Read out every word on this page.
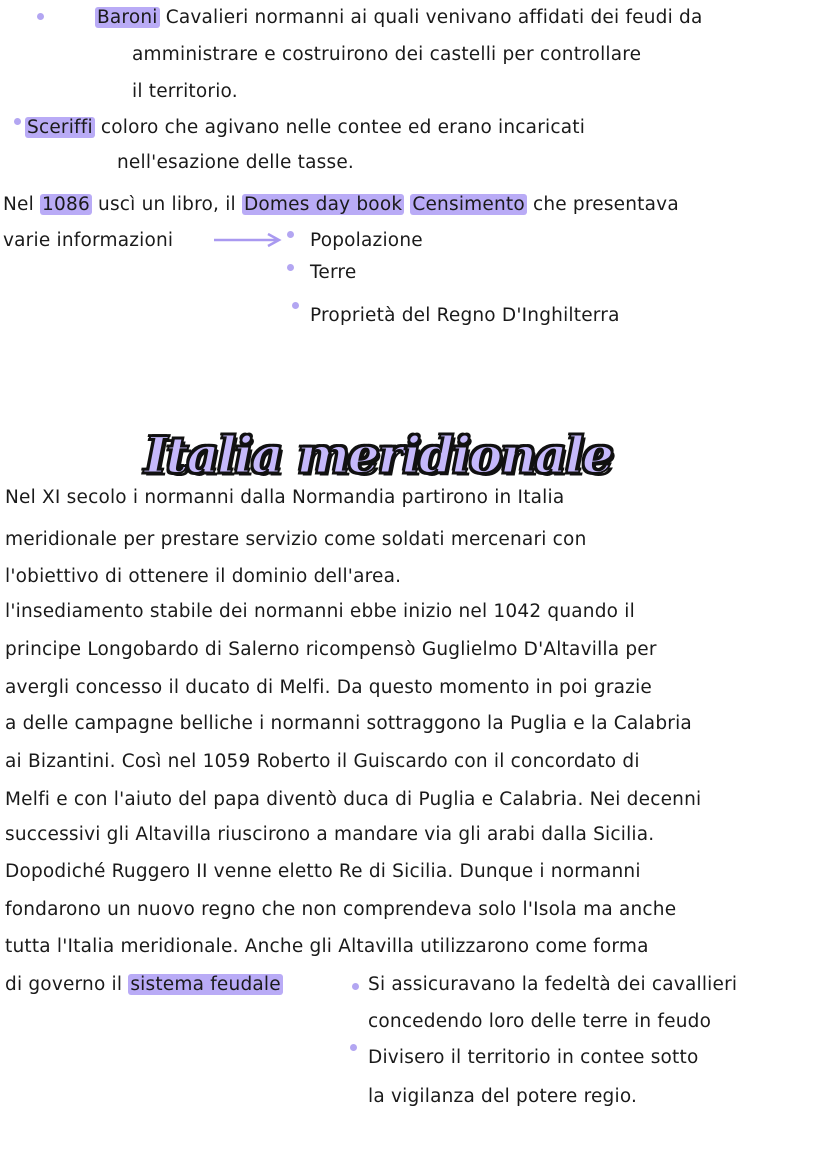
Italia meridionale
Baroni Cavalieri normanni ai quali venivano affidati dei feudi da
amministrare e costruirono dei castelli per controllare
il territorio.
Sceriffi coloro che agivano nelle contee ed erano incaricati
nell'esazione delle tasse.
Nel 1086 uscì un libro, il Domes day book Censimento che presentava
varie informazioni	Popolazione
Terre
Proprietà del Regno D'Inghilterra
Nel XI secolo i normanni dalla Normandia partirono in Italia
meridionale per prestare servizio come soldati mercenari con
l'obiettivo di ottenere il dominio dell'area.
l'insediamento stabile dei normanni ebbe inizio nel 1042 quando il
principe Longobardo di Salerno ricompensò Guglielmo D'Altavilla per
avergli concesso il ducato di Melfi. Da questo momento in poi grazie
a delle campagne belliche i normanni sottraggono la Puglia e la Calabria
ai Bizantini. Così nel 1059 Roberto il Guiscardo con il concordato di
Melfi e con l'aiuto del papa diventò duca di Puglia e Calabria. Nei decenni
successivi gli Altavilla riuscirono a mandare via gli arabi dalla Sicilia.
Dopodiché Ruggero II venne eletto Re di Sicilia. Dunque i normanni
fondarono un nuovo regno che non comprendeva solo l'Isola ma anche
tutta l'Italia meridionale. Anche gli Altavilla utilizzarono come forma
di governo il sistema feudale	Si assicuravano la fedeltà dei cavallieri
concedendo loro delle terre in feudo
Divisero il territorio in contee sotto
la vigilanza del potere regio.
